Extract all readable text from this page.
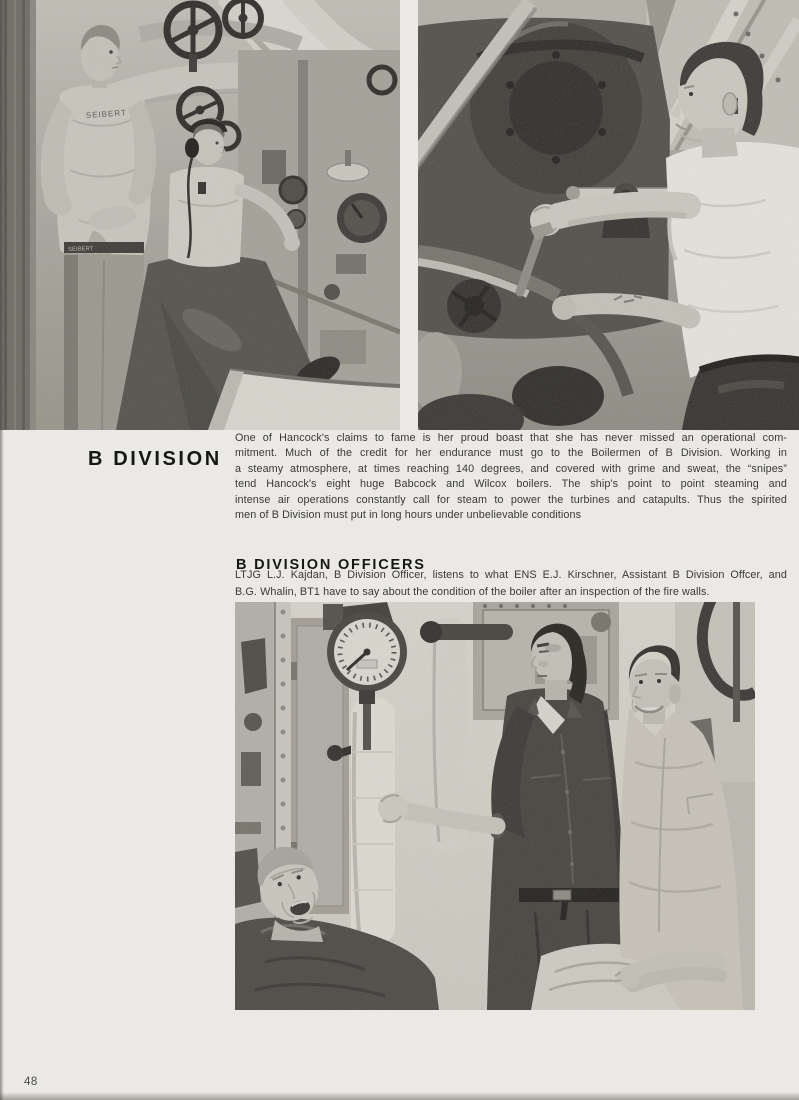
B DIVISION
One of Hancock's claims to fame is her proud boast that she has never missed an operational com-
mitment. Much of the credit for her endurance must go to the Boilermen of B Division. Working in
a steamy atmosphere, at times reaching 140 degrees, and covered with grime and sweat, the “snipes”
tend Hancock's eight huge Babcock and Wilcox boilers. The ship's point to point steaming and
intense air operations constantly call for steam to power the turbines and catapults. Thus the spirited
men of B Division must put in long hours under unbelievable conditions
B DIVISION OFFICERS
LTJG L.J. Kajdan, B Division Officer, listens to what ENS E.J. Kirschner, Assistant B Division Offcer, and
B.G. Whalin, BT1 have to say about the condition of the boiler after an inspection of the fire walls.
48
